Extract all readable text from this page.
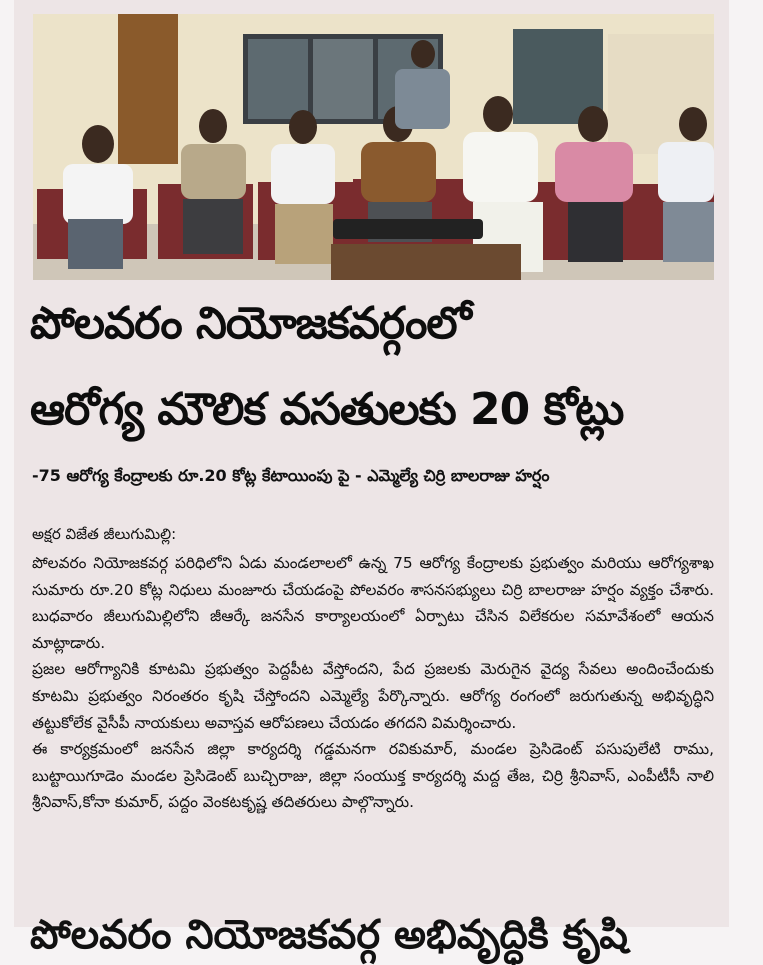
పోలవరం నియోజకవర్గంలో
ఆరోగ్య మౌలిక వసతులకు 20 కోట్లు
-75 ఆరోగ్య కేంద్రాలకు రూ.20 కోట్ల కేటాయింపు పై - ఎమ్మెల్యే చిర్రి బాలరాజు హర్షం
అక్షర విజేత జీలుగుమిల్లి:

పోలవరం నియోజకవర్గ పరిధిలోని ఏడు మండలాలలో ఉన్న 75 ఆరోగ్య కేంద్రాలకు ప్రభుత్వం మరియు ఆరోగ్యశాఖ సుమారు రూ.20 కోట్ల నిధులు మంజూరు చేయడంపై పోలవరం శాసనసభ్యులు చిర్రి బాలరాజు హర్షం వ్యక్తం చేశారు. బుధవారం జీలుగుమిల్లిలోని జీఆర్కే జనసేన కార్యాలయంలో ఏర్పాటు చేసిన విలేకరుల సమావేశంలో ఆయన మాట్లాడారు.

ప్రజల ఆరోగ్యానికి కూటమి ప్రభుత్వం పెద్దపీట వేస్తోందని, పేద ప్రజలకు మెరుగైన వైద్య సేవలు అందించేందుకు కూటమి ప్రభుత్వం నిరంతరం కృషి చేస్తోందని ఎమ్మెల్యే పేర్కొన్నారు. ఆరోగ్య రంగంలో జరుగుతున్న అభివృద్ధిని తట్టుకోలేక వైసీపీ నాయకులు అవాస్తవ ఆరోపణలు చేయడం తగదని విమర్శించారు.

ఈ కార్యక్రమంలో జనసేన జిల్లా కార్యదర్శి గడ్డమనగా రవికుమార్, మండల ప్రెసిడెంట్ పసుపులేటి రాము, బుట్టాయిగూడెం మండల ప్రెసిడెంట్ బుచ్చిరాజు, జిల్లా సంయుక్త కార్యదర్శి మద్ద తేజ, చిర్రి శ్రీనివాస్, ఎంపీటీసీ నాలి శ్రీనివాస్,కోనా కుమార్, పద్దం వెంకటకృష్ణ తదితరులు పాల్గొన్నారు.

పోలవరం నియోజకవర్గ అభివృద్ధికి కృషి
